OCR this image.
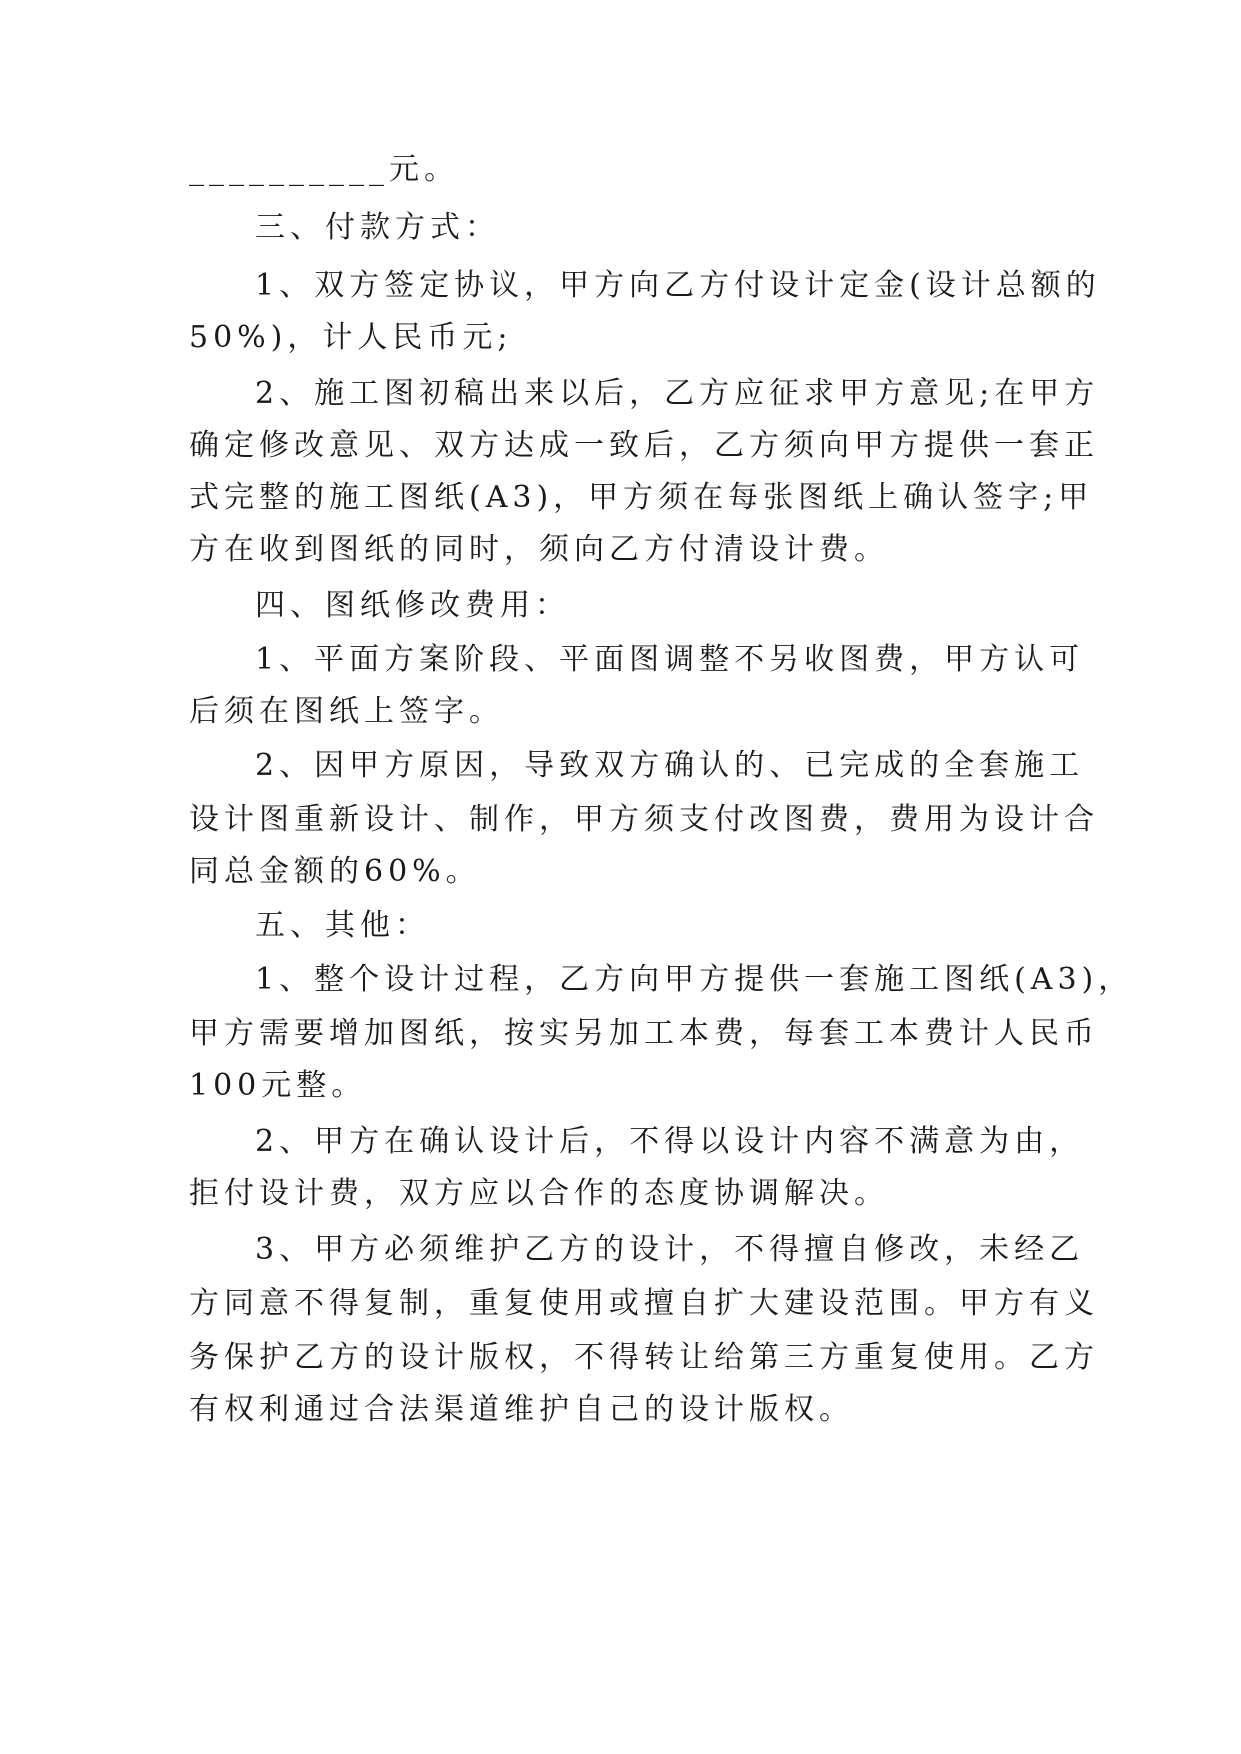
__________元。
三、付款方式：
1、双方签定协议，甲方向乙方付设计定金(设计总额的
50%)，计人民币元;
2、施工图初稿出来以后，乙方应征求甲方意见;在甲方
确定修改意见、双方达成一致后，乙方须向甲方提供一套正
式完整的施工图纸(A3)，甲方须在每张图纸上确认签字;甲
方在收到图纸的同时，须向乙方付清设计费。
四、图纸修改费用：
1、平面方案阶段、平面图调整不另收图费，甲方认可
后须在图纸上签字。
2、因甲方原因，导致双方确认的、已完成的全套施工
设计图重新设计、制作，甲方须支付改图费，费用为设计合
同总金额的60%。
五、其他：
1、整个设计过程，乙方向甲方提供一套施工图纸(A3)，
甲方需要增加图纸，按实另加工本费，每套工本费计人民币
100元整。
2、甲方在确认设计后，不得以设计内容不满意为由，
拒付设计费，双方应以合作的态度协调解决。
3、甲方必须维护乙方的设计，不得擅自修改，未经乙
方同意不得复制，重复使用或擅自扩大建设范围。甲方有义
务保护乙方的设计版权，不得转让给第三方重复使用。乙方
有权利通过合法渠道维护自己的设计版权。
